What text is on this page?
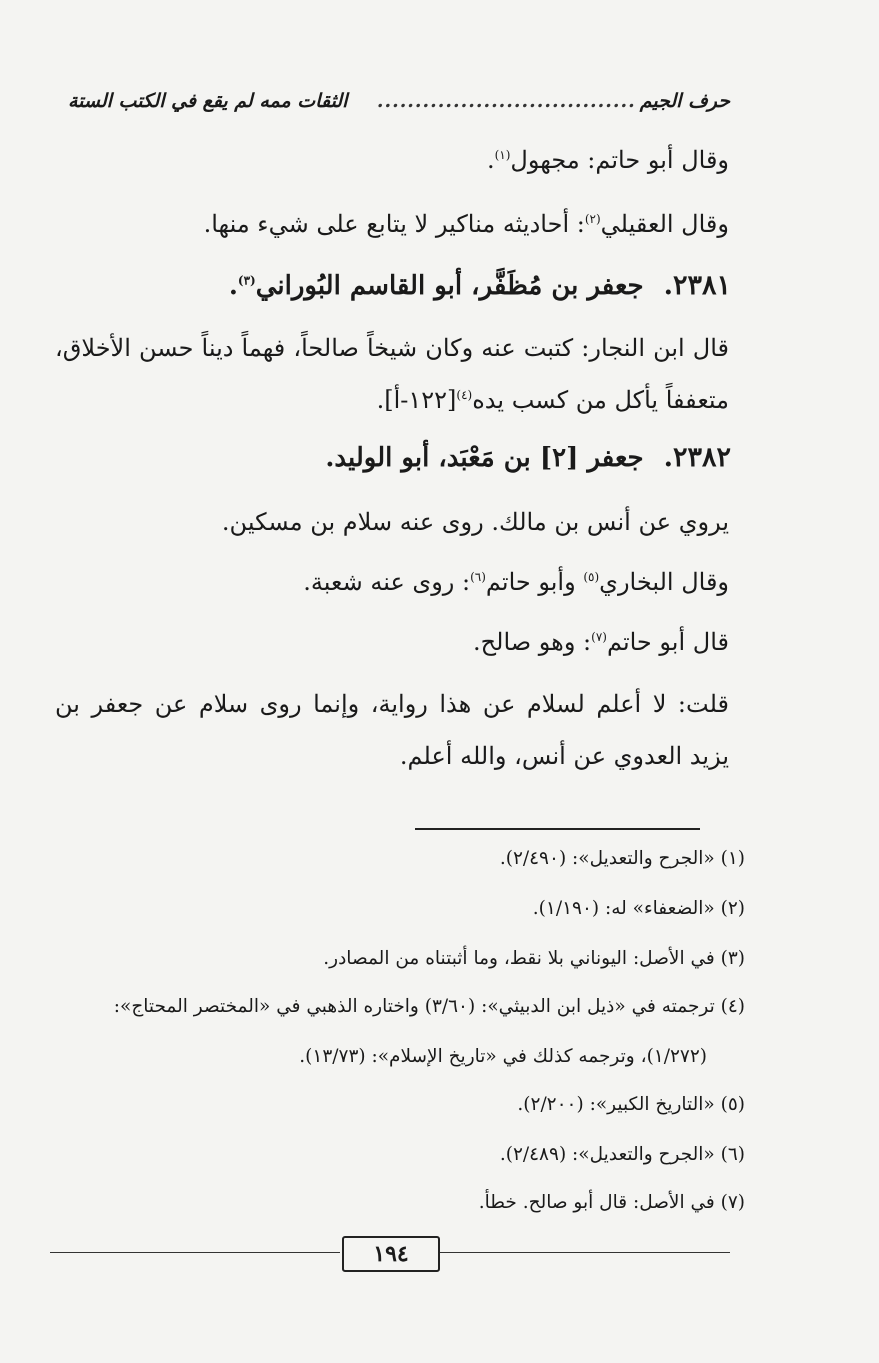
حرف الجيم
..................................
الثقات ممه لم يقع في الكتب الستة
وقال أبو حاتم: مجهول$^{(١)}$.
وقال العقيلي$^{(٢)}$: أحاديثه مناكير لا يتابع على شيء منها.
٢٣٨١.جعفر بن مُظَفَّر، أبو القاسم البُوراني$^{(٣)}$.
قال ابن النجار: كتبت عنه وكان شيخاً صالحاً، فهماً ديناً حسن الأخلاق، متعففاً يأكل من كسب يده$^{(٤)}$[١٢٢-أ].
٢٣٨٢.جعفر [٢] بن مَعْبَد، أبو الوليد.
يروي عن أنس بن مالك. روى عنه سلام بن مسكين.
وقال البخاري$^{(٥)}$ وأبو حاتم$^{(٦)}$: روى عنه شعبة.
قال أبو حاتم$^{(٧)}$: وهو صالح.
قلت: لا أعلم لسلام عن هذا رواية، وإنما روى سلام عن جعفر بن يزيد العدوي عن أنس، والله أعلم.
(١) «الجرح والتعديل»: (٢/٤٩٠).
(٢) «الضعفاء» له: (١/١٩٠).
(٣) في الأصل: اليوناني بلا نقط، وما أثبتناه من المصادر.
(٤) ترجمته في «ذيل ابن الدبيثي»: (٣/٦٠) واختاره الذهبي في «المختصر المحتاج»:
(١/٢٧٢)، وترجمه كذلك في «تاريخ الإسلام»: (١٣/٧٣).
(٥) «التاريخ الكبير»: (٢/٢٠٠).
(٦) «الجرح والتعديل»: (٢/٤٨٩).
(٧) في الأصل: قال أبو صالح. خطأ.
١٩٤
